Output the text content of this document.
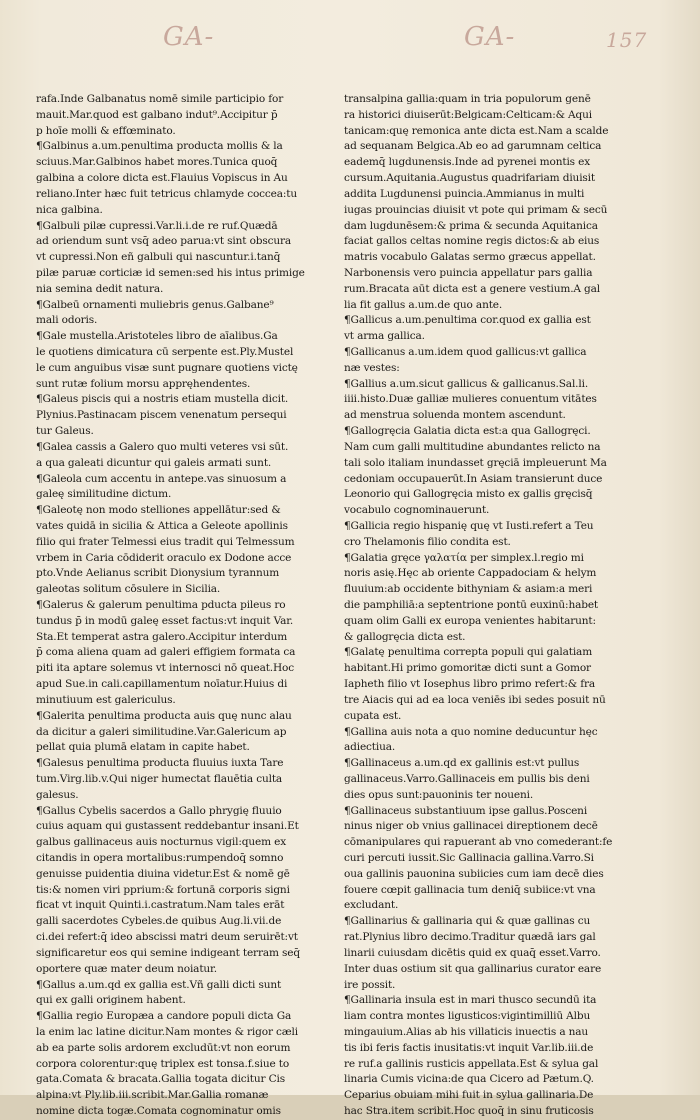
GA-	GA-	157
rafa.Inde Galbanatus nomē simile participio for
mauit.Mar.quod est galbano indut⁹.Accipitur p̄
p hoīe molli & effœminato.
¶Galbinus a.um.penultima producta mollis & la
sciuus.Mar.Galbinos habet mores.Tunica quoq̄
galbina a colore dicta est.Flauius Vopiscus in Au
reliano.Inter hæc fuit tetricus chlamyde coccea:tu
nica galbina.
¶Galbuli pilæ cupressi.Var.li.i.de re ruf.Quædā
ad oriendum sunt vsq̄ adeo parua:vt sint obscura
vt cupressi.Non eñ galbuli qui nascuntur.i.tanq̄
pilæ paruæ corticiæ id semen:sed his intus primige
nia semina dedit natura.
¶Galbeū ornamenti muliebris genus.Galbane⁹
mali odoris.
¶Gale mustella.Aristoteles libro de aīalibus.Ga
le quotiens dimicatura cū serpente est.Ply.Mustel
le cum anguibus visæ sunt pugnare quotiens victę
sunt rutæ folium morsu appręhendentes.
¶Galeus piscis qui a nostris etiam mustella dicit.
Plynius.Pastinacam piscem venenatum persequi
tur Galeus.
¶Galea cassis a Galero quo multi veteres vsi sūt.
a qua galeati dicuntur qui galeis armati sunt.
¶Galeola cum accentu in antepe.vas sinuosum a
galeę similitudine dictum.
¶Galeotę non modo stelliones appellātur:sed &
vates quidā in sicilia & Attica a Geleote apollinis
filio qui frater Telmessi eius tradit qui Telmessum
vrbem in Caria cōdiderit oraculo ex Dodone acce
pto.Vnde Aelianus scribit Dionysium tyrannum
galeotas solitum cōsulere in Sicilia.
¶Galerus & galerum penultima pducta pileus ro
tundus p̄ in modū galeę esset factus:vt inquit Var.
Sta.Et temperat astra galero.Accipitur interdum
p̄ coma aliena quam ad galeri effigiem formata ca
piti ita aptare solemus vt internosci nō queat.Hoc
apud Sue.in cali.capillamentum noīatur.Huius di
minutiuum est galericulus.
¶Galerita penultima producta auis quę nunc alau
da dicitur a galeri similitudine.Var.Galericum ap
pellat quia plumā elatam in capite habet.
¶Galesus penultima producta fluuius iuxta Tare
tum.Virg.lib.v.Qui niger humectat flauētia culta
galesus.
¶Gallus Cybelis sacerdos a Gallo phrygię fluuio
cuius aquam qui gustassent reddebantur insani.Et
galbus gallinaceus auis nocturnus vigil:quem ex
citandis in opera mortalibus:rumpendoq̄ somno
genuisse puidentia diuina videtur.Est & nomē gē
tis:& nomen viri pprium:& fortunā corporis signi
ficat vt inquit Quinti.i.castratum.Nam tales erāt
galli sacerdotes Cybeles.de quibus Aug.li.vii.de
ci.dei refert:q̄ ideo abscissi matri deum seruirēt:vt
significaretur eos qui semine indigeant terram seq̄
oportere quæ mater deum noiatur.
¶Gallus a.um.qd ex gallia est.Vñ galli dicti sunt
qui ex galli originem habent.
¶Gallia regio Europæa a candore populi dicta Ga
la enim lac latine dicitur.Nam montes & rigor cæli
ab ea parte solis ardorem excludūt:vt non eorum
corpora colorentur:quę triplex est tonsa.f.siue to
gata.Comata & bracata.Gallia togata dicitur Cis
alpina:vt Ply.lib.iii.scribit.Mar.Gallia romanæ
nomine dicta togæ.Comata cognominatur omis
transalpina gallia:quam in tria populorum genē
ra historici diuiserūt:Belgicam:Celticam:& Aqui
tanicam:quę remonica ante dicta est.Nam a scalde
ad sequanam Belgica.Ab eo ad garumnam celtica
eademq̄ lugdunensis.Inde ad pyrenei montis ex
cursum.Aquitania.Augustus quadrifariam diuisit
addita Lugdunensi puincia.Ammianus in multi
iugas prouincias diuisit vt pote qui primam & secū
dam lugdunēsem:& prima & secunda Aquitanica
faciat gallos celtas nomine regis dictos:& ab eius
matris vocabulo Galatas sermo græcus appellat.
Narbonensis vero puincia appellatur pars gallia
rum.Bracata aūt dicta est a genere vestium.A gal
lia fit gallus a.um.de quo ante.
¶Gallicus a.um.penultima cor.quod ex gallia est
vt arma gallica.
¶Gallicanus a.um.idem quod gallicus:vt gallica
næ vestes:
¶Gallius a.um.sicut gallicus & gallicanus.Sal.li.
iiii.histo.Duæ galliæ mulieres conuentum vitātes
ad menstrua soluenda montem ascendunt.
¶Gallogręcia Galatia dicta est:a qua Gallogręci.
Nam cum galli multitudine abundantes relicto na
tali solo italiam inundasset gręciā impleuerunt Ma
cedoniam occupauerūt.In Asiam transierunt duce
Leonorio qui Gallogręcia misto ex gallis gręcisq̄
vocabulo cognominauerunt.
¶Gallicia regio hispanię quę vt Iusti.refert a Teu
cro Thelamonis filio condita est.
¶Galatia gręce γαλατία per simplex.l.regio mi
noris asię.Hęc ab oriente Cappadociam & helym
fluuium:ab occidente bithyniam & asiam:a meri
die pamphiliā:a septentrione pontū euxinū:habet
quam olim Galli ex europa venientes habitarunt:
& gallogręcia dicta est.
¶Galatę penultima correpta populi qui galatiam
habitant.Hi primo gomoritæ dicti sunt a Gomor
Iapheth filio vt Iosephus libro primo refert:& fra
tre Aiacis qui ad ea loca veniēs ibi sedes posuit nū
cupata est.
¶Gallina auis nota a quo nomine deducuntur hęc
adiectiua.
¶Gallinaceus a.um.qd ex gallinis est:vt pullus
gallinaceus.Varro.Gallinaceis em pullis bis deni
dies opus sunt:pauoninis ter noueni.
¶Gallinaceus substantiuum ipse gallus.Posceni
ninus niger ob vnius gallinacei direptionem decē
cōmanipulares qui rapuerant ab vno comederant:fe
curi percuti iussit.Sic Gallinacia gallina.Varro.Si
oua gallinis pauonina subiicies cum iam decē dies
fouere cœpit gallinacia tum deniq̄ subiice:vt vna
excludant.
¶Gallinarius & gallinaria qui & quæ gallinas cu
rat.Plynius libro decimo.Traditur quædā iars gal
linarii cuiusdam dicētis quid ex quaq̄ esset.Varro.
Inter duas ostium sit qua gallinarius curator eare
ire possit.
¶Gallinaria insula est in mari thusco secundū ita
liam contra montes ligusticos:vigintimilliū Albu
mingauium.Alias ab his villaticis inuectis a nau
tis ibi feris factis inusitatis:vt inquit Var.lib.iii.de
re ruf.a gallinis rusticis appellata.Est & sylua gal
linaria Cumis vicina:de qua Cicero ad Pætum.Q.
Ceparius obuiam mihi fuit in sylua gallinaria.De
hac Stra.item scribit.Hoc quoq̄ in sinu fruticosis
